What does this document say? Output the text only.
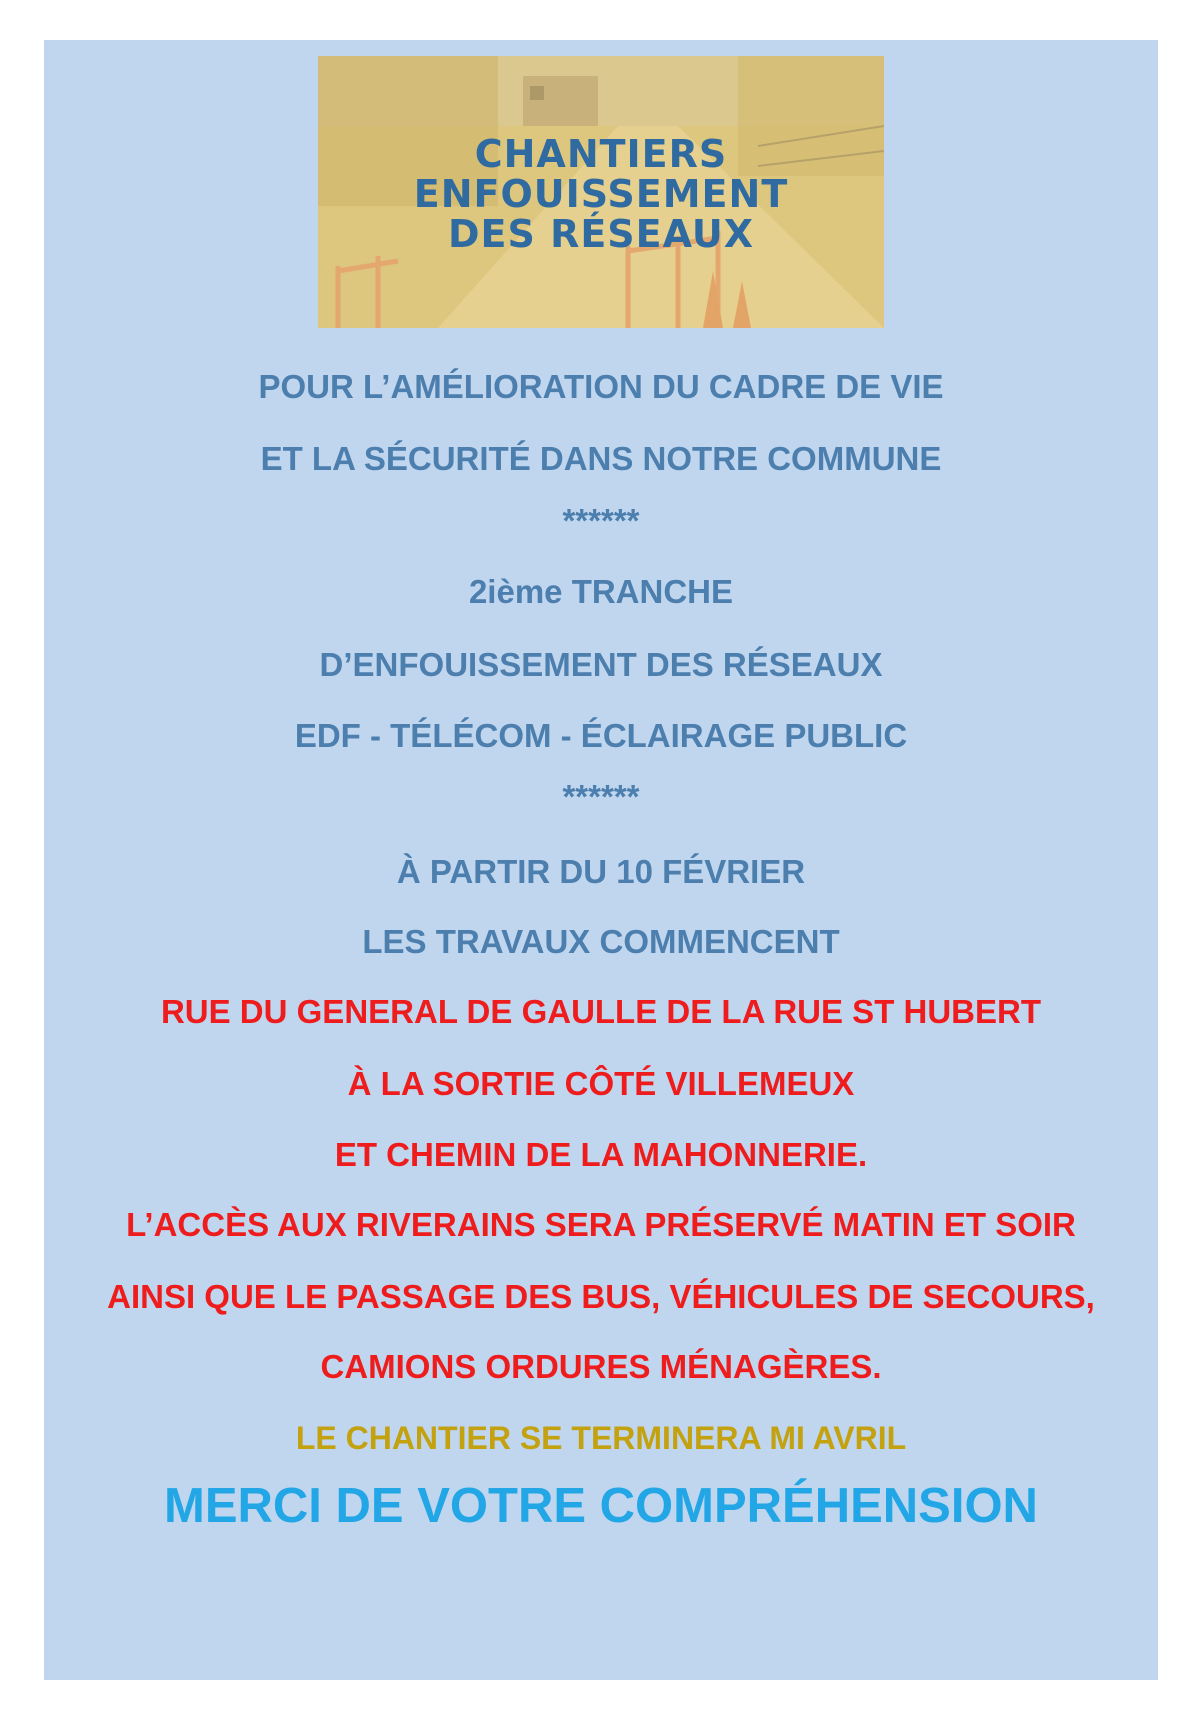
CHANTIERS
ENFOUISSEMENT
DES RÉSEAUX
POUR L’AMÉLIORATION DU CADRE DE VIE
ET LA SÉCURITÉ DANS NOTRE COMMUNE
******
2ième TRANCHE
D’ENFOUISSEMENT DES RÉSEAUX
EDF - TÉLÉCOM - ÉCLAIRAGE PUBLIC
******
À PARTIR DU 10 FÉVRIER
LES TRAVAUX COMMENCENT
RUE DU GENERAL DE GAULLE DE LA RUE ST HUBERT
À LA SORTIE CÔTÉ VILLEMEUX
ET CHEMIN DE LA MAHONNERIE.
L’ACCÈS AUX RIVERAINS SERA PRÉSERVÉ MATIN ET SOIR
AINSI QUE LE PASSAGE DES BUS, VÉHICULES DE SECOURS,
CAMIONS ORDURES MÉNAGÈRES.
LE CHANTIER SE TERMINERA MI AVRIL
MERCI DE VOTRE COMPRÉHENSION
